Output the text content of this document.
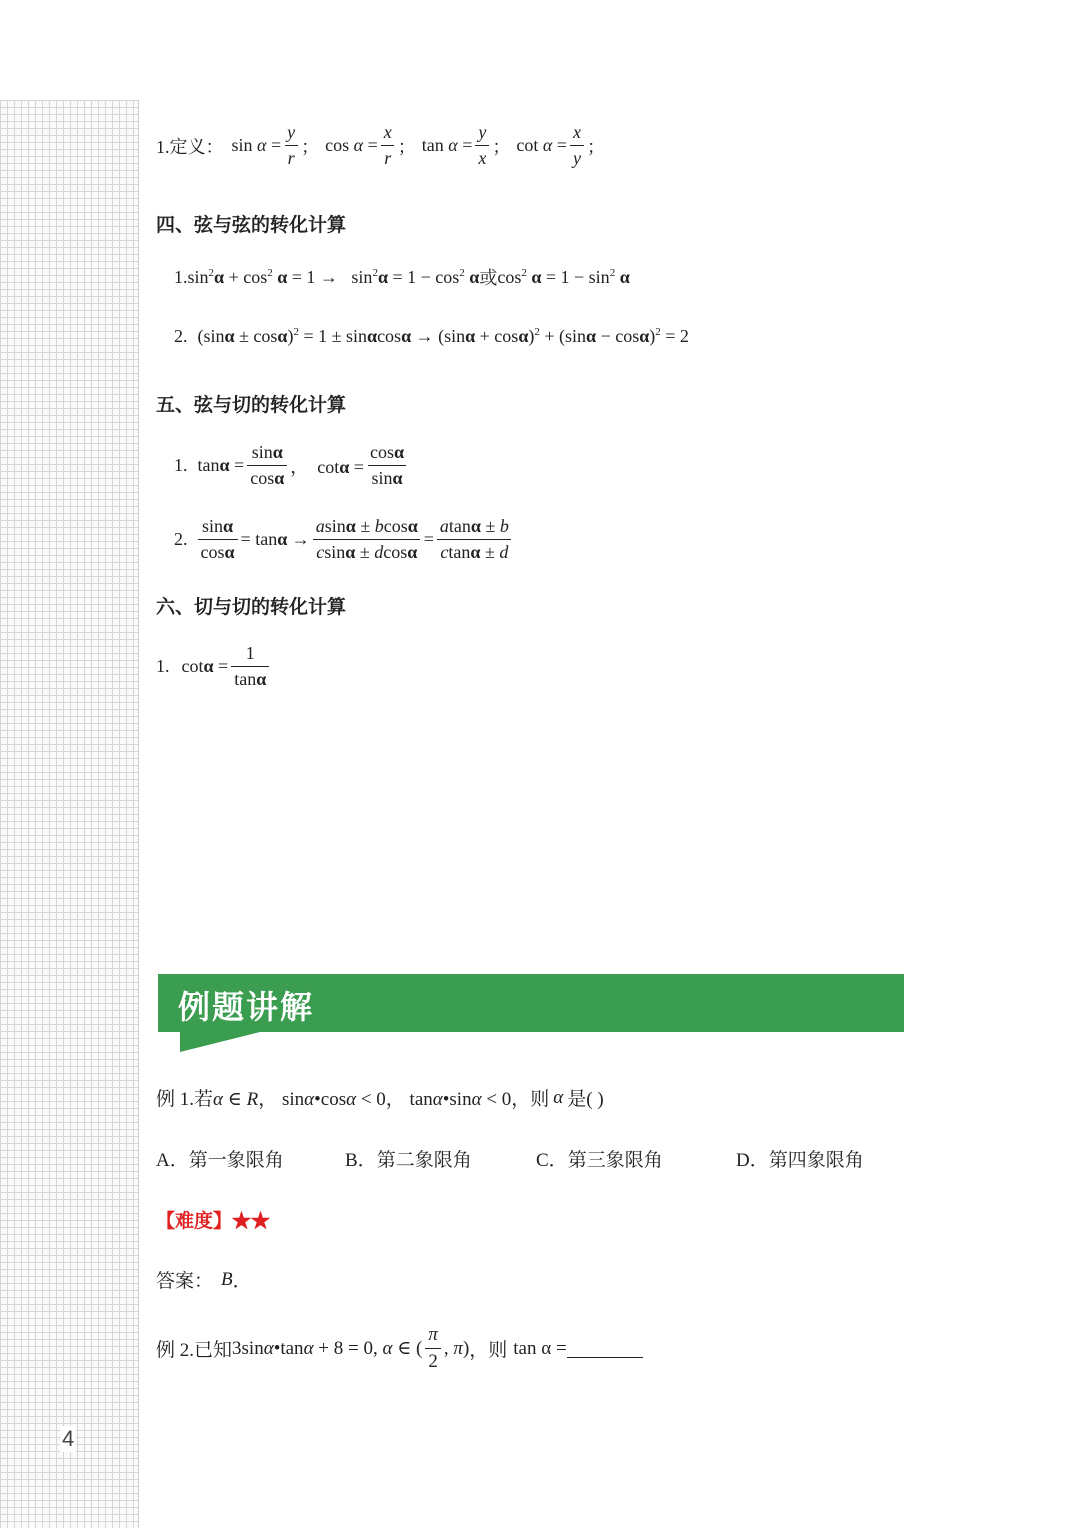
4
1.定义： $\sin \alpha = \frac{y}{r}$ ； $\cos \alpha = \frac{x}{r}$ ； $\tan \alpha = \frac{y}{x}$ ； $\cot \alpha = \frac{x}{y}$ ；
四、弦与弦的转化计算
1. $\sin^2\alpha + \cos^2 \alpha = 1 \to \sin^2\alpha = 1 - \cos^2 \alpha$ 或 $\cos^2 \alpha = 1 - \sin^2 \alpha$
2. $(\sin\alpha \pm \cos\alpha)^2 = 1 \pm \sin\alpha\cos\alpha \to (\sin\alpha + \cos\alpha)^2 + (\sin\alpha - \cos\alpha)^2 = 2$
五、弦与切的转化计算
1. $\tan\alpha = \frac{\sin\alpha}{\cos\alpha}$ ，  $\cot\alpha = \frac{\cos\alpha}{\sin\alpha}$
2. $\frac{\sin\alpha}{\cos\alpha} = \tan\alpha \to \frac{asin\alpha \pm bcos\alpha}{csin\alpha \pm dcos\alpha} = \frac{atan\alpha \pm b}{ctan\alpha \pm d}$
六、切与切的转化计算
1. $\cot\alpha = \frac{1}{\tan\alpha}$
例题讲解
例 1.若 α ∈ R， sinα•cosα < 0， tanα•sinα < 0 ，则 α 是( )
A．第一象限角	B．第二象限角	C．第三象限角	D．第四象限角
【难度】★★
答案： B ．
例 2.已知 3sinα•tanα + 8 = 0, α ∈ ( $\frac{\pi}{2}$ , π) ，则 tan α =
